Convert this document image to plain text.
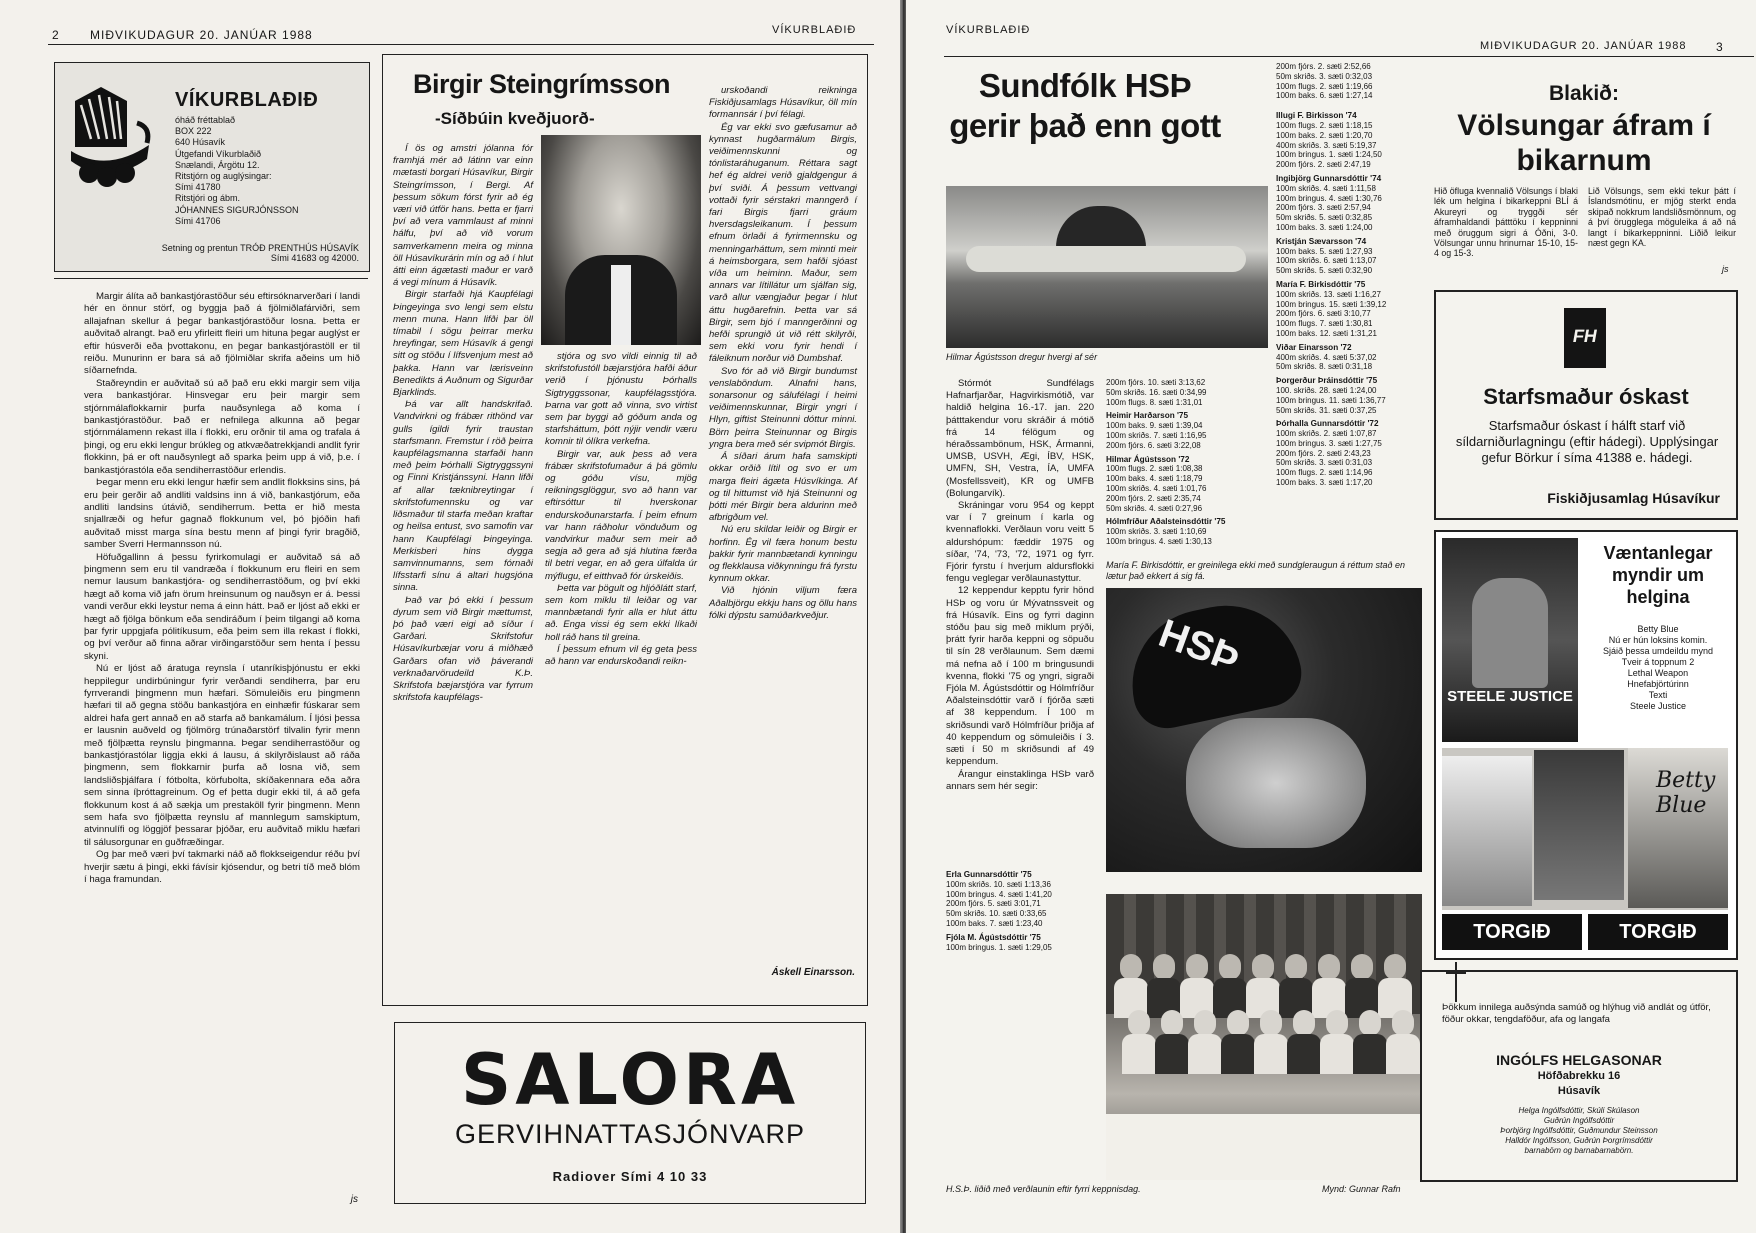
2	MIÐVIKUDAGUR 20. JANÚAR 1988	VÍKURBLAÐIÐ
VÍKURBLAÐIÐ
óháð fréttablað
BOX 222
640 Húsavík
Útgefandi Víkurblaðið
Snælandi, Árgötu 12.
Ritstjórn og auglýsingar:
Sími 41780
Ritstjóri og ábm.
JÓHANNES SIGURJÓNSSON
Sími 41706
Setning og prentun TRÓÐ PRENTHÚS HÚSAVÍK
Sími 41683 og 42000.

Margir álíta að bankastjórastöður séu eftirsóknarverðari í landi hér en önnur störf, og byggja það á fjölmiðlafárviðri, sem allajafnan skellur á þegar bankastjórastöður losna. Þetta er auðvitað alrangt. Það eru yfirleitt fleiri um hituna þegar auglýst er eftir húsverði eða þvottakonu, en þegar bankastjórastöll er til reiðu. Munurinn er bara sá að fjölmiðlar skrifa aðeins um hið síðarnefnda.

Staðreyndin er auðvitað sú að það eru ekki margir sem vilja vera bankastjórar. Hinsvegar eru þeir margir sem stjórnmálaflokkarnir þurfa nauðsynlega að koma í bankastjórastöður. Það er nefnilega alkunna að þegar stjórnmálamenn rekast illa í flokki, eru orðnir til ama og trafala á þingi, og eru ekki lengur brúkleg og atkvæðatrekkjandi andlit fyrir flokkinn, þá er oft nauðsynlegt að sparka þeim upp á við, þ.e. í bankastjórastóla eða sendiherrastöður erlendis.

Þegar menn eru ekki lengur hæfir sem andlit flokksins sins, þá eru þeir gerðir að andliti valdsins inn á við, bankastjórum, eða andliti landsins útávið, sendiherrum. Þetta er hið mesta snjallræði og hefur gagnað flokkunum vel, þó þjóðin hafi auðvitað misst marga sína bestu menn af þingi fyrir bragðið, samber Sverri Hermannsson nú.

Höfuðgallinn á þessu fyrirkomulagi er auðvitað sá að þingmenn sem eru til vandræða í flokkunum eru fleiri en sem nemur lausum bankastjóra- og sendiherrastöðum, og því ekki hægt að koma við jafn örum hreinsunum og nauðsyn er á. Þessi vandi verður ekki leystur nema á einn hátt. Það er ljóst að ekki er hægt að fjölga bönkum eða sendiráðum í þeim tilgangi að koma þar fyrir uppgjafa pólitíkusum, eða þeim sem illa rekast í flokki, og því verður að finna aðrar virðingarstöður sem henta í þessu skyni.

Nú er ljóst að áratuga reynsla í utanríkisþjónustu er ekki heppilegur undirbúningur fyrir verðandi sendiherra, þar eru fyrrverandi þingmenn mun hæfari. Sömuleiðis eru þingmenn hæfari til að gegna stöðu bankastjóra en einhæfir fúskarar sem aldrei hafa gert annað en að starfa að bankamálum. Í ljósi þessa er lausnin auðveld og fjölmörg trúnaðarstörf tilvalin fyrir menn með fjölþætta reynslu þingmanna. Þegar sendiherrastöður og bankastjórastólar liggja ekki á lausu, á skilyrðislaust að ráða þingmenn, sem flokkarnir þurfa að losna við, sem landsliðsþjálfara í fótbolta, körfubolta, skíðakennara eða aðra sem sinna íþróttagreinum. Og ef þetta dugir ekki til, á að gefa flokkunum kost á að sækja um prestaköll fyrir þingmenn. Menn sem hafa svo fjölþætta reynslu af mannlegum samskiptum, atvinnulífi og löggjöf þessarar þjóðar, eru auðvitað miklu hæfari til sálusorgunar en guðfræðingar.

Og þar með væri því takmarki náð að flokkseigendur réðu því hverjir sætu á þingi, ekki fávísir kjósendur, og betri tíð með blóm í haga framundan.

js
Birgir Steingrímsson
-Síðbúin kveðjuorð-

Í ös og amstri jólanna fór framhjá mér að látinn var einn mætasti borgari Húsavíkur, Birgir Steingrímsson, í Bergi. Af þessum sökum fórst fyrir að ég væri við útför hans. Þetta er fjarri því að vera vammlaust af minni hálfu, því að við vorum samverkamenn meira og minna öll Húsavíkurárin mín og að í hlut átti einn ágætasti maður er varð á vegi mínum á Húsavík.

Birgir starfaði hjá Kaupfélagi Þingeyinga svo lengi sem elstu menn muna. Hann lifði þar öll tímabil í sögu þeirrar merku hreyfingar, sem Húsavík á gengi sitt og stöðu í lífsvenjum mest að þakka. Hann var lærisveinn Benedikts á Auðnum og Sigurðar Bjarklinds.

Þá var allt handskrifað. Vandvirkni og frábær rithönd var gulls ígildi fyrir traustan starfsmann. Fremstur í röð þeirra kaupfélagsmanna starfaði hann með þeim Þórhalli Sigtryggssyni og Finni Kristjánssyni. Hann lifði af allar tæknibreytingar í skrifstofumennsku og var liðsmaður til starfa meðan kraftar og heilsa entust, svo samofin var hann Kaupfélagi Þingeyinga. Merkisberi hins dygga samvinnumanns, sem fórnaði lífsstarfi sínu á altari hugsjóna sinna.

Það var þó ekki í þessum dyrum sem við Birgir mættumst, þó það væri eigi að síður í Garðari. Skrifstofur Húsavíkurbæjar voru á miðhæð Garðars ofan við þáverandi verknaðarvörudeild K.Þ. Skrifstofa bæjarstjóra var fyrrum skrifstofa kaupfélags-

stjóra og svo vildi einnig til að skrifstofustóll bæjarstjóra hafði áður verið í þjónustu Þórhalls Sigtryggssonar, kaupfélagsstjóra. Þarna var gott að vinna, svo virtist sem þar byggi að góðum anda og starfsháttum, þótt nýjir vendir væru komnir til ólíkra verkefna.

Birgir var, auk þess að vera frábær skrifstofumaður á þá gömlu og góðu vísu, mjög reikningsglöggur, svo að hann var eftirsóttur til hverskonar endurskoðunarstarfa. Í þeim efnum var hann ráðholur vönduðum og vandvirkur maður sem meir að segja að gera að sjá hlutina færða til betri vegar, en að gera úlfalda úr mýflugu, ef eitthvað fór úrskeiðis.

Þetta var þögult og hljóðlátt starf, sem kom miklu til leiðar og var mannbætandi fyrir alla er hlut áttu að. Enga vissi ég sem ekki líkaði holl ráð hans til greina.

Í þessum efnum vil ég geta þess að hann var endurskoðandi reikn-

urskoðandi reikninga Fiskiðjusamlags Húsavíkur, öll mín formannsár í því félagi.

Ég var ekki svo gæfusamur að kynnast hugðarmálum Birgis, veiðimennskunni og tónlistaráhuganum. Réttara sagt hef ég aldrei verið gjaldgengur á því sviði. Á þessum vettvangi vottaði fyrir sérstakri manngerð í fari Birgis fjarri gráum hversdagsleikanum. Í þessum efnum örlaði á fyrirmennsku og menningarháttum, sem minnti meir á heimsborgara, sem hafði sjóast víða um heiminn. Maður, sem annars var lítillátur um sjálfan sig, varð allur vængjaður þegar í hlut áttu hugðarefnin. Þetta var sá Birgir, sem bjó í manngerðinni og hefði sprungið út við rétt skilyrði, sem ekki voru fyrir hendi í fáleiknum norður við Dumbshaf.

Svo fór að við Birgir bundumst venslaböndum. Alnafni hans, sonarsonur og sálufélagi í heimi veiðimennskunnar, Birgir yngri í Hlyn, giftist Steinunni dóttur minni. Börn þeirra Steinunnar og Birgis yngra bera með sér svipmót Birgis.

Á síðari árum hafa samskipti okkar orðið lítil og svo er um marga fleiri ágæta Húsvíkinga. Af og til hittumst við hjá Steinunni og þótti mér Birgir bera aldurinn með afbrigðum vel.

Nú eru skildar leiðir og Birgir er horfinn. Ég vil færa honum bestu þakkir fyrir mannbætandi kynningu og flekklausa viðkynningu frá fyrstu kynnum okkar.

Við hjónin viljum færa Aðalbjörgu ekkju hans og öllu hans fólki dýpstu samúðarkveðjur.

Áskell Einarsson.
SALORA
GERVIHNATTASJÓNVARP
Radiover Sími 4 10 33
VÍKURBLAÐIÐ
MIÐVIKUDAGUR 20. JANÚAR 1988 3
Sundfólk HSÞ
gerir það enn gott
200m fjórs. 2. sæti 2:52,66
50m skriðs. 3. sæti 0:32,03
100m flugs. 2. sæti 1:19,66
100m baks. 6. sæti 1:27,14
Illugi F. Birkisson '74
100m flugs. 2. sæti 1:18,15
100m baks. 2. sæti 1:20,70
400m skriðs. 3. sæti 5:19,37
100m bringus. 1. sæti 1:24,50
200m fjórs. 2. sæti 2:47,19
Ingibjörg Gunnarsdóttir '74
100m skriðs. 4. sæti 1:11,58
100m bringus. 4. sæti 1:30,76
200m fjórs. 3. sæti 2:57,94
50m skriðs. 5. sæti 0:32,85
100m baks. 3. sæti 1:24,00
Kristján Sævarsson '74
100m baks. 5. sæti 1:27,93
100m skriðs. 6. sæti 1:13,07
50m skriðs. 5. sæti 0:32,90
María F. Birkisdóttir '75
100m skriðs. 13. sæti 1:16,27
100m bringus. 15. sæti 1:39,12
200m fjórs. 6. sæti 3:10,77
100m flugs. 7. sæti 1:30,81
100m baks. 12. sæti 1:31,21
Viðar Einarsson '72
400m skriðs. 4. sæti 5:37,02
50m skriðs. 8. sæti 0:31,18
Þorgerður Þráinsdóttir '75
100. skriðs. 28. sæti 1:24,00
100m bringus. 11. sæti 1:36,77
50m skriðs. 31. sæti 0:37,25
Þórhalla Gunnarsdóttir '72
100m skriðs. 2. sæti 1:07,87
100m bringus. 3. sæti 1:27,75
200m fjórs. 2. sæti 2:43,23
50m skriðs. 3. sæti 0:31,03
100m flugs. 2. sæti 1:14,96
100m baks. 3. sæti 1:17,20
Hilmar Ágústsson dregur hvergi af sér

Stórmót Sundfélags Hafnarfjarðar, Hagvirkismótið, var haldið helgina 16.-17. jan. 220 þátttakendur voru skráðir á mótið frá 14 félögum og héraðssambönum, HSK, Ármanni, UMSB, USVH, Ægi, ÍBV, HSK, UMFN, SH, Vestra, ÍA, UMFA (Mosfellssveit), KR og UMFB (Bolungarvík).

Skráningar voru 954 og keppt var í 7 greinum í karla og kvennaflokki. Verðlaun voru veitt 5 aldurshópum: fæddir 1975 og síðar, '74, '73, '72, 1971 og fyrr. Fjórir fyrstu í hverjum aldursflokki fengu veglegar verðlaunastyttur.

12 keppendur kepptu fyrir hönd HSÞ og voru úr Mývatnssveit og frá Húsavík. Eins og fyrri daginn stóðu þau sig með miklum prýði, þrátt fyrir harða keppni og söpuðu til sín 28 verðlaunum. Sem dæmi má nefna að í 100 m bringusundi kvenna, flokki '75 og yngri, sigraði Fjóla M. Ágústsdóttir og Hólmfríður Aðalsteinsdóttir varð í fjórða sæti af 38 keppendum. Í 100 m skriðsundi varð Hólmfríður þriðja af 40 keppendum og sömuleiðis í 3. sæti í 50 m skriðsundi af 49 keppendum.

Árangur einstaklinga HSÞ varð annars sem hér segir:

200m fjórs. 10. sæti 3:13,62
50m skriðs. 16. sæti 0:34,99
100m flugs. 8. sæti 1:31,01
Heimir Harðarson '75
100m baks. 9. sæti 1:39,04
100m skriðs. 7. sæti 1:16,95
200m fjórs. 6. sæti 3:22,08
Hilmar Ágústsson '72
100m flugs. 2. sæti 1:08,38
100m baks. 4. sæti 1:18,79
100m skriðs. 4. sæti 1:01,76
200m fjórs. 2. sæti 2:35,74
50m skriðs. 4. sæti 0:27,96
Hólmfríður Aðalsteinsdóttir '75
100m skriðs. 3. sæti 1:10,69
100m bringus. 4. sæti 1:30,13
María F. Birkisdóttir, er greinilega ekki með sundgleraugun á réttum stað en lætur það ekkert á sig fá.
HSÞ
Erla Gunnarsdóttir '75
100m skriðs. 10. sæti 1:13,36
100m bringus. 4. sæti 1:41,20
200m fjórs. 5. sæti 3:01,71
50m skriðs. 10. sæti 0:33,65
100m baks. 7. sæti 1:23,40
Fjóla M. Ágústsdóttir '75
100m bringus. 1. sæti 1:29,05
H.S.Þ. liðið með verðlaunin eftir fyrri keppnisdag.	Mynd: Gunnar Rafn
Blakið:
Völsungar áfram í bikarnum
Hið öfluga kvennalið Völsungs í blaki lék um helgina í bikarkeppni BLÍ á Akureyri og tryggði sér áframhaldandi þátttöku í keppninni með öruggum sigri á Óðni, 3-0. Völsungar unnu hrinurnar 15-10, 15-4 og 15-3.
Lið Völsungs, sem ekki tekur þátt í Íslandsmótinu, er mjög sterkt enda skipað nokkrum landsliðsmönnum, og á því örugglega möguleika á að ná langt í bikarkeppninni. Liðið leikur næst gegn KA.
js
FH
Starfsmaður óskast
Starfsmaður óskast í hálft starf við síldarniðurlagningu (eftir hádegi). Upplýsingar gefur Börkur í síma 41388 e. hádegi.
Fiskiðjusamlag Húsavíkur
STEELE JUSTICE
Væntanlegar myndir um helgina
Betty Blue
Nú er hún loksins komin.
Sjáið þessa umdeildu mynd
Tveir á toppnum 2
Lethal Weapon
Hnefabjörtúrinn
Texti
Steele Justice
Betty Blue
TORGIÐ	TORGIÐ
Þökkum innilega auðsýnda samúð og hlýhug við andlát og útför, föður okkar, tengdaföður, afa og langafa
INGÓLFS HELGASONAR
Höfðabrekku 16
Húsavík
Helga Ingólfsdóttir, Skúli Skúlason
Guðrún Ingólfsdóttir
Þorbjörg Ingólfsdóttir, Guðmundur Steinsson
Halldór Ingólfsson, Guðrún Þorgrímsdóttir
barnabörn og barnabarnabörn.
